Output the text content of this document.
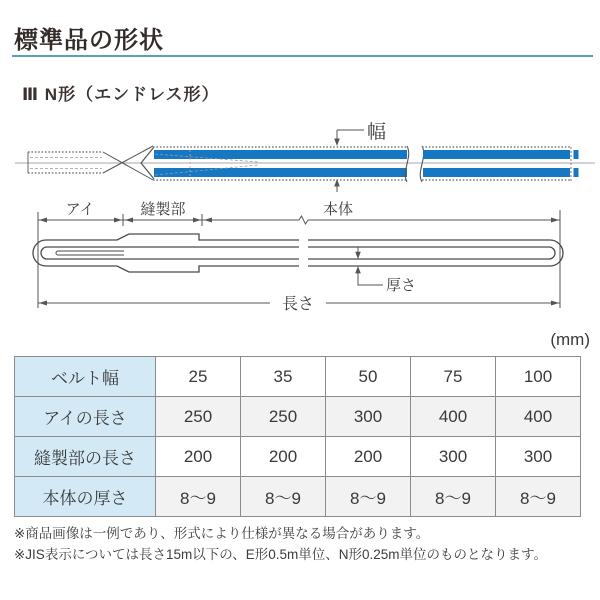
標準品の形状
Ⅲ N形（エンドレス形）
幅
アイ	縫製部	本体
厚さ
長さ
(mm)
ベルト幅	25	35	50	75	100
アイの長さ	250	250	300	400	400
縫製部の長さ	200	200	200	300	300
本体の厚さ	8～9	8～9	8～9	8～9	8～9

※商品画像は一例であり、形式により仕様が異なる場合があります。

※JIS表示については長さ15m以下の、E形0.5m単位、N形0.25m単位のものとなります。
